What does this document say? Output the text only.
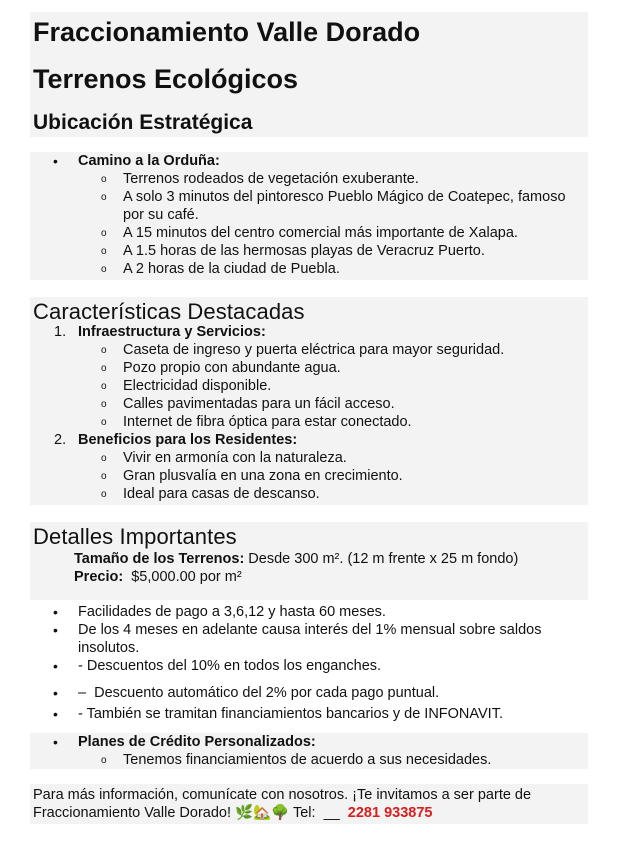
Fraccionamiento Valle Dorado
Terrenos Ecológicos
Ubicación Estratégica
• Camino a la Orduña:
o Terrenos rodeados de vegetación exuberante.
o A solo 3 minutos del pintoresco Pueblo Mágico de Coatepec, famoso
por su café.
o A 15 minutos del centro comercial más importante de Xalapa.
o A 1.5 horas de las hermosas playas de Veracruz Puerto.
o A 2 horas de la ciudad de Puebla.
Características Destacadas
1. Infraestructura y Servicios:
o Caseta de ingreso y puerta eléctrica para mayor seguridad.
o Pozo propio con abundante agua.
o Electricidad disponible.
o Calles pavimentadas para un fácil acceso.
o Internet de fibra óptica para estar conectado.
2. Beneficios para los Residentes:
o Vivir en armonía con la naturaleza.
o Gran plusvalía en una zona en crecimiento.
o Ideal para casas de descanso.
Detalles Importantes
Tamaño de los Terrenos: Desde 300 m². (12 m frente x 25 m fondo)
Precio:  $5,000.00 por m²
• Facilidades de pago a 3,6,12 y hasta 60 meses.
• De los 4 meses en adelante causa interés del 1% mensual sobre saldos
insolutos.
• - Descuentos del 10% en todos los enganches.
• –  Descuento automático del 2% por cada pago puntual.
• - También se tramitan financiamientos bancarios y de INFONAVIT.
• Planes de Crédito Personalizados:
o Tenemos financiamientos de acuerdo a sus necesidades.
Para más información, comunícate con nosotros. ¡Te invitamos a ser parte de
Fraccionamiento Valle Dorado! 🌿🏡🌳 Tel:  __  2281 933875
